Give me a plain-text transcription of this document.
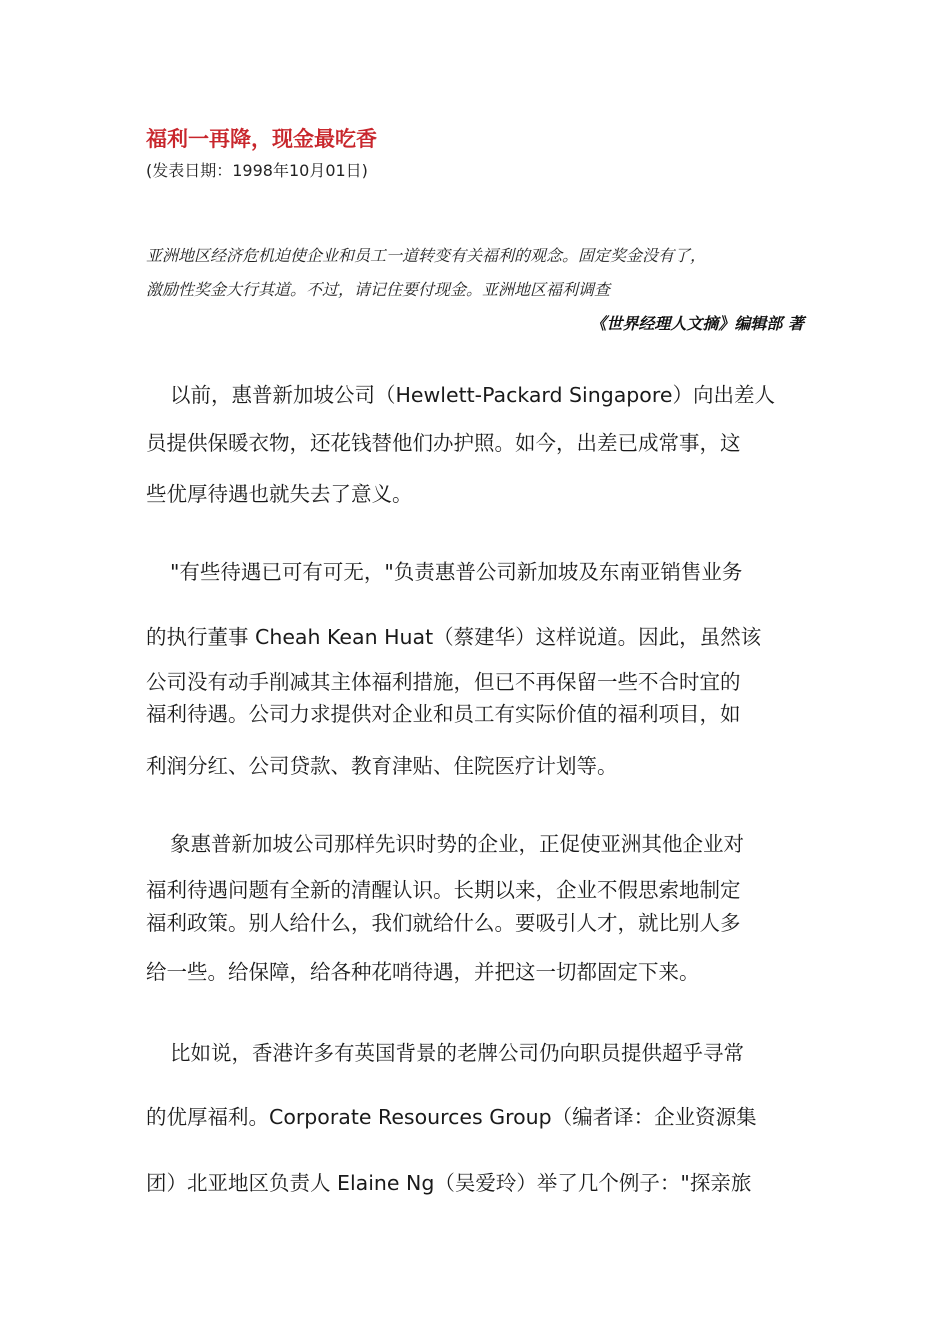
福利一再降，现金最吃香
(发表日期：1998年10月01日)
亚洲地区经济危机迫使企业和员工一道转变有关福利的观念。固定奖金没有了，
激励性奖金大行其道。不过，请记住要付现金。亚洲地区福利调查
《世界经理人文摘》编辑部 著
以前，惠普新加坡公司（Hewlett-Packard Singapore）向出差人
员提供保暖衣物，还花钱替他们办护照。如今，出差已成常事，这
些优厚待遇也就失去了意义。
"有些待遇已可有可无，"负责惠普公司新加坡及东南亚销售业务
的执行董事 Cheah Kean Huat（蔡建华）这样说道。因此，虽然该
公司没有动手削减其主体福利措施，但已不再保留一些不合时宜的
福利待遇。公司力求提供对企业和员工有实际价值的福利项目，如
利润分红、公司贷款、教育津贴、住院医疗计划等。
象惠普新加坡公司那样先识时势的企业，正促使亚洲其他企业对
福利待遇问题有全新的清醒认识。长期以来，企业不假思索地制定
福利政策。别人给什么，我们就给什么。要吸引人才，就比别人多
给一些。给保障，给各种花哨待遇，并把这一切都固定下来。
比如说，香港许多有英国背景的老牌公司仍向职员提供超乎寻常
的优厚福利。Corporate Resources Group（编者译：企业资源集
团）北亚地区负责人 Elaine Ng（吴爱玲）举了几个例子："探亲旅
